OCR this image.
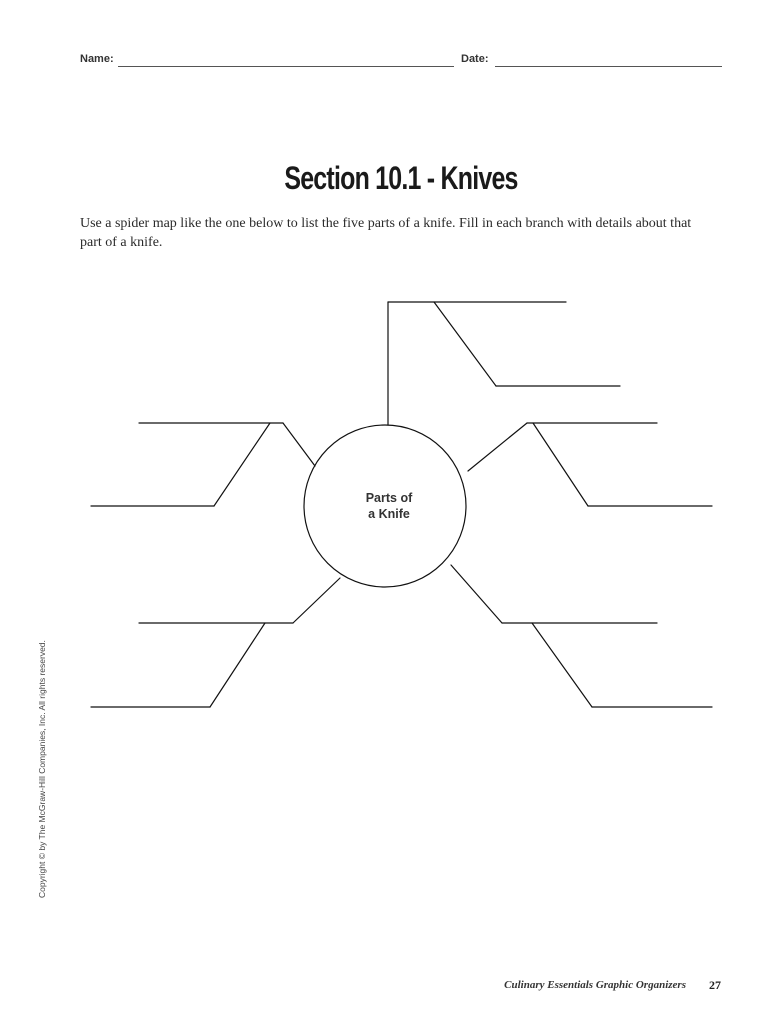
Name:	Date:
Section 10.1 - Knives
Use a spider map like the one below to list the five parts of a knife. Fill in each branch with details about that part of a knife.
Parts of
a Knife
Copyright © by The McGraw-Hill Companies, Inc. All rights reserved.
Culinary Essentials Graphic Organizers 27
